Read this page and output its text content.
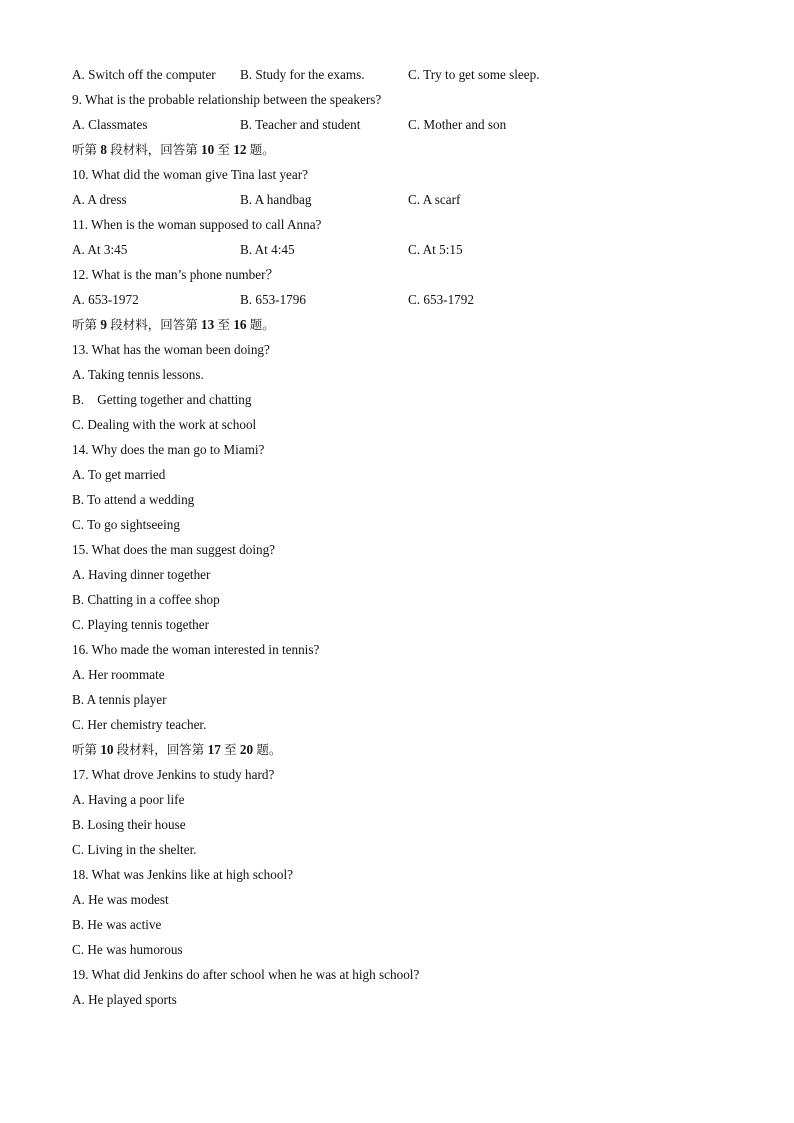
A. Switch off the computer	B. Study for the exams.	C. Try to get some sleep.
9. What is the probable relationship between the speakers?
A. Classmates	B. Teacher and student	C. Mother and son
听第 8 段材料，回答第 10 至 12 题。
10. What did the woman give Tina last year?
A. A dress	B. A handbag	C. A scarf
11. When is the woman supposed to call Anna?
A. At 3:45	B. At 4:45	C. At 5:15
12. What is the man’s phone number？
A. 653-1972	B. 653-1796	C. 653-1792
听第 9 段材料，回答第 13 至 16 题。
13. What has the woman been doing?
A. Taking tennis lessons.
B.    Getting together and chatting
C. Dealing with the work at school
14. Why does the man go to Miami?
A. To get married
B. To attend a wedding
C. To go sightseeing
15. What does the man suggest doing?
A. Having dinner together
B. Chatting in a coffee shop
C. Playing tennis together
16. Who made the woman interested in tennis?
A. Her roommate
B. A tennis player
C. Her chemistry teacher.
听第 10 段材料，回答第 17 至 20 题。
17. What drove Jenkins to study hard?
A. Having a poor life
B. Losing their house
C. Living in the shelter.
18. What was Jenkins like at high school?
A. He was modest
B. He was active
C. He was humorous
19. What did Jenkins do after school when he was at high school?
A. He played sports
